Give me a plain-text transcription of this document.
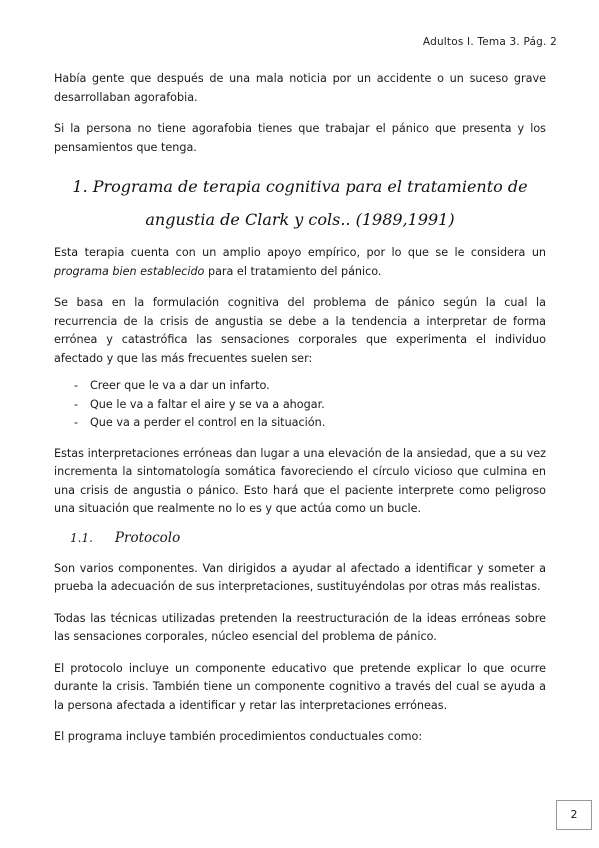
Adultos I. Tema 3. Pág. 2

Había gente que después de una mala noticia por un accidente o un suceso grave desarrollaban agorafobia.

Si la persona no tiene agorafobia tienes que trabajar el pánico que presenta y los pensamientos que tenga.

1. Programa de terapia cognitiva para el tratamiento de
angustia de Clark y cols.. (1989,1991)

Esta terapia cuenta con un amplio apoyo empírico, por lo que se le considera un programa bien establecido para el tratamiento del pánico.

Se basa en la formulación cognitiva del problema de pánico según la cual la recurrencia de la crisis de angustia se debe a la tendencia a interpretar de forma errónea y catastrófica las sensaciones corporales que experimenta el individuo afectado y que las más frecuentes suelen ser:

- Creer que le va a dar un infarto.
- Que le va a faltar el aire y se va a ahogar.
- Que va a perder el control en la situación.

Estas interpretaciones erróneas dan lugar a una elevación de la ansiedad, que a su vez incrementa la sintomatología somática favoreciendo el círculo vicioso que culmina en una crisis de angustia o pánico. Esto hará que el paciente interprete como peligroso una situación que realmente no lo es y que actúa como un bucle.

1.1. Protocolo

Son varios componentes. Van dirigidos a ayudar al afectado a identificar y someter a prueba la adecuación de sus interpretaciones, sustituyéndolas por otras más realistas.

Todas las técnicas utilizadas pretenden la reestructuración de la ideas erróneas sobre las sensaciones corporales, núcleo esencial del problema de pánico.

El protocolo incluye un componente educativo que pretende explicar lo que ocurre durante la crisis. También tiene un componente cognitivo a través del cual se ayuda a la persona afectada a identificar y retar las interpretaciones erróneas.

El programa incluye también procedimientos conductuales como:

2
